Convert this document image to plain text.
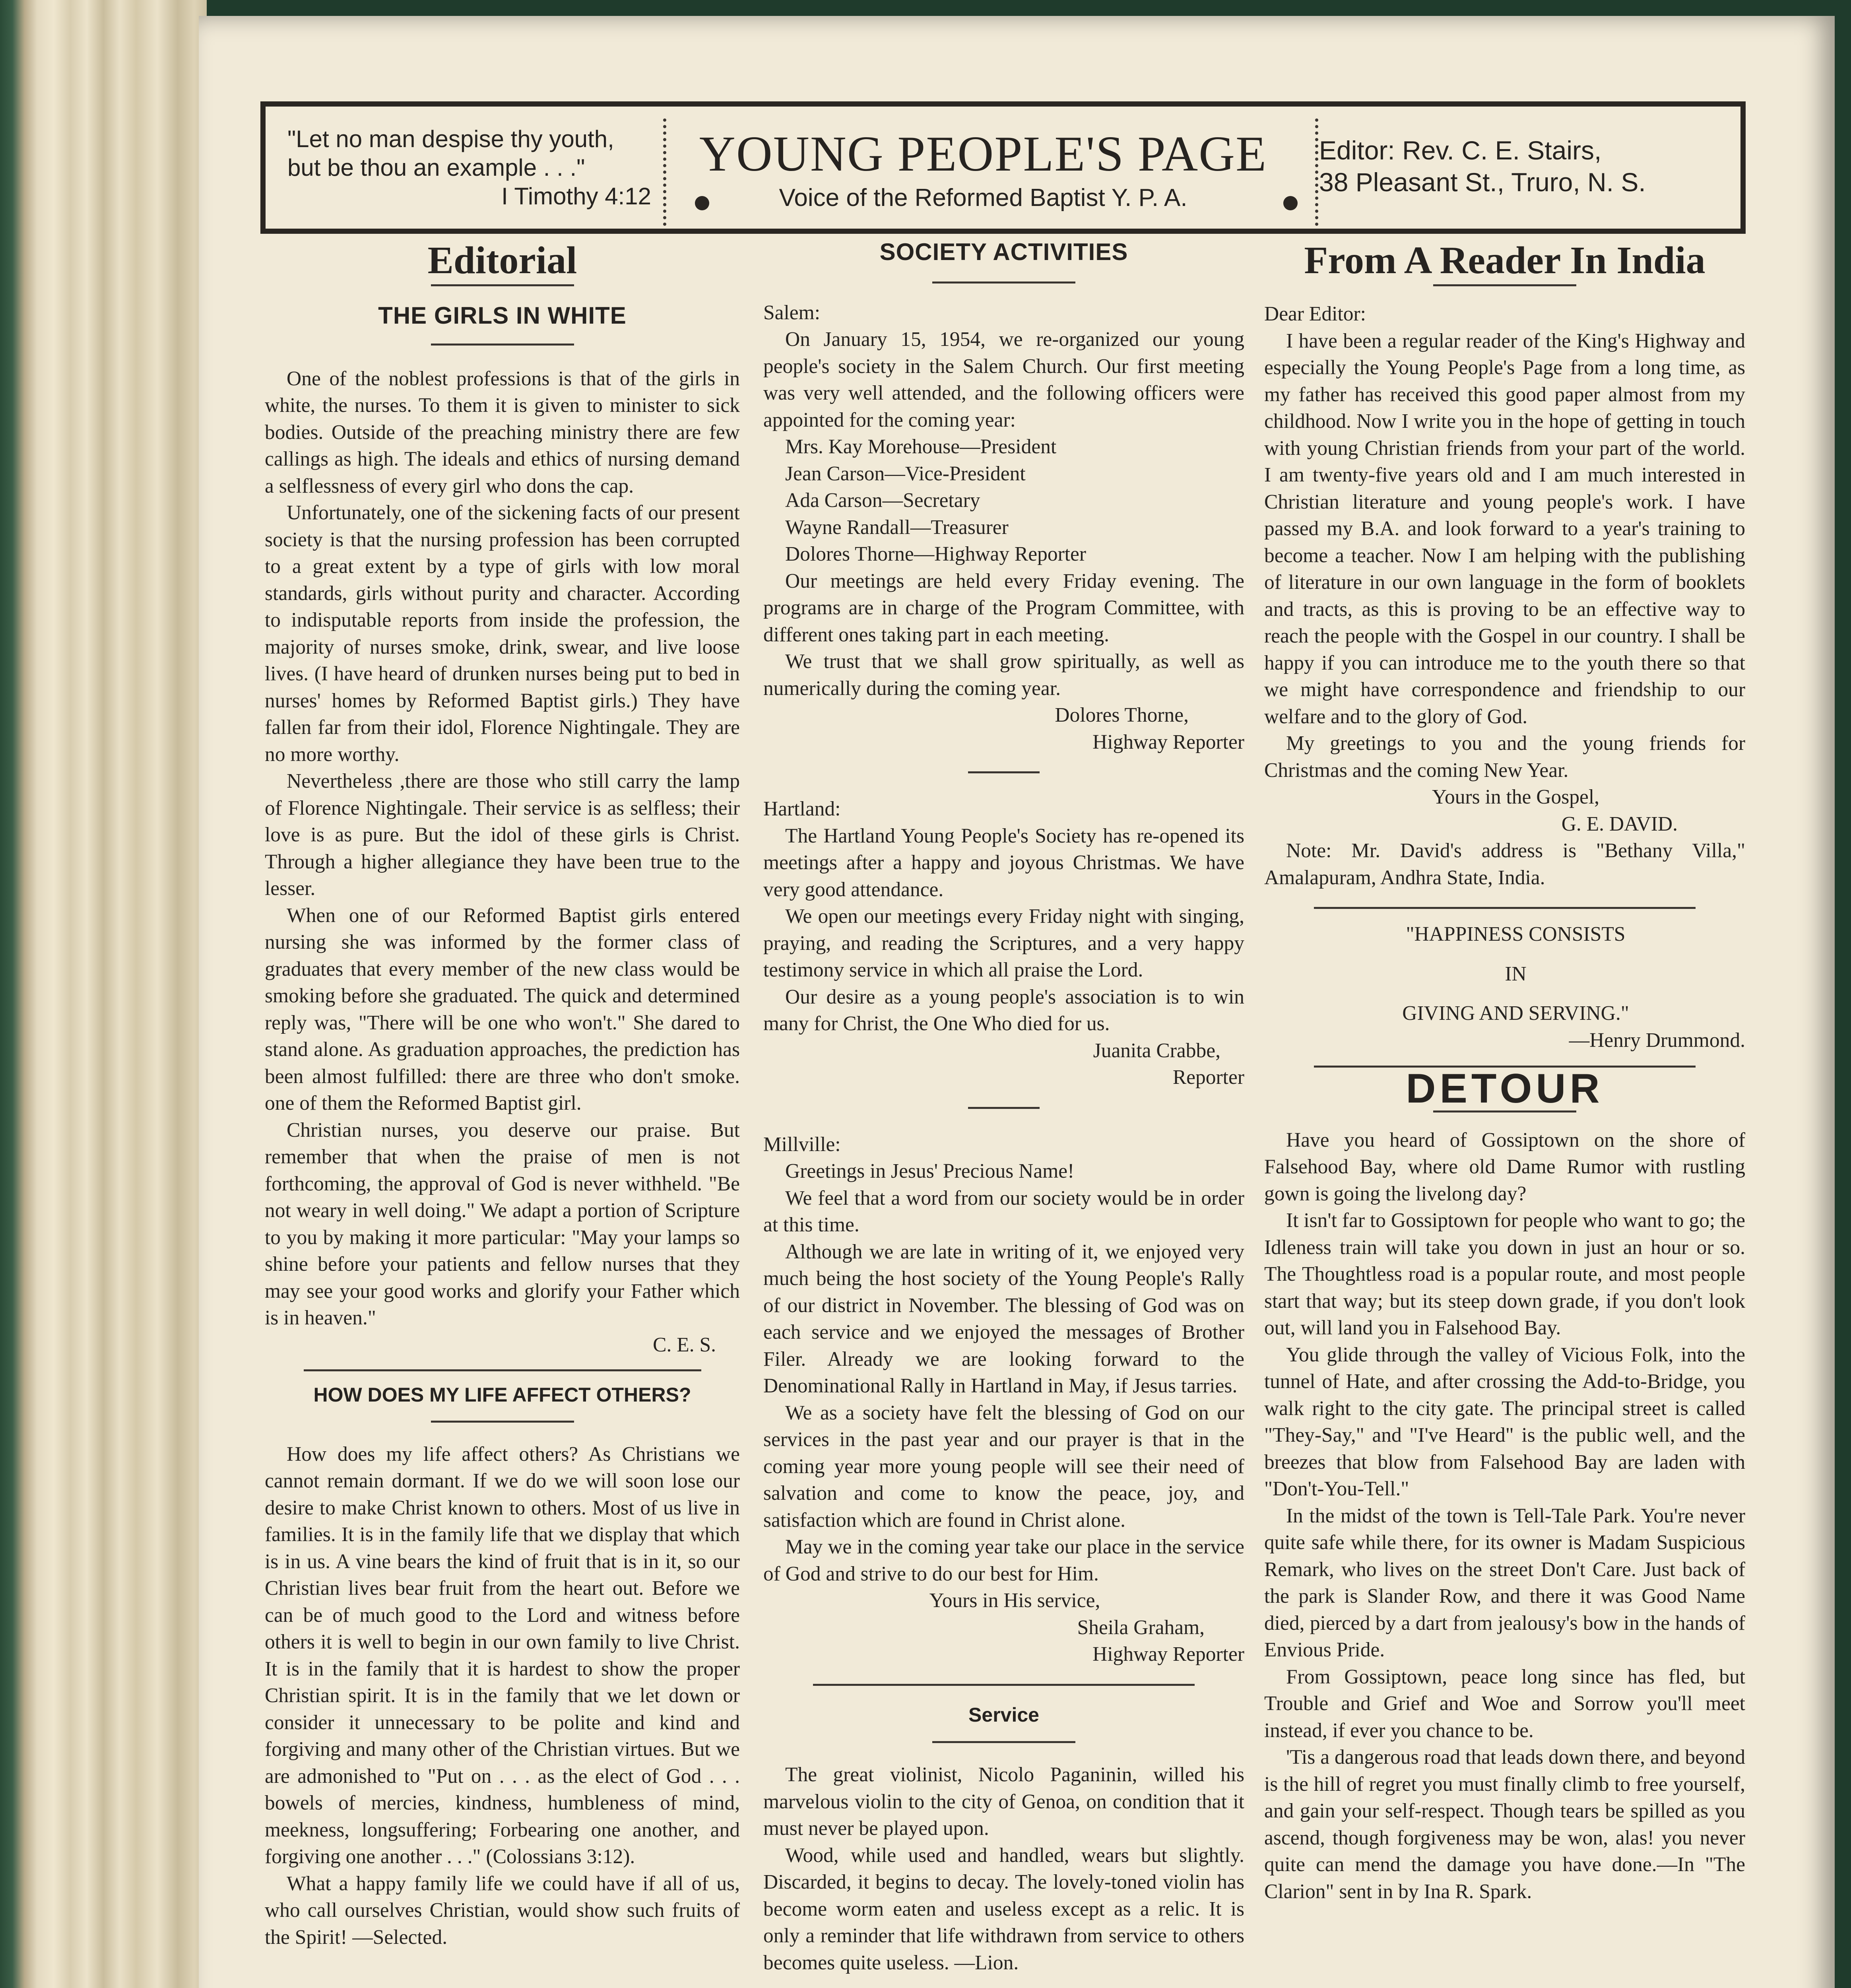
"Let no man despise thy youth,
but be thou an example . . ."
I Timothy 4:12
YOUNG PEOPLE'S PAGE
Voice of the Reformed Baptist Y. P. A.
Editor: Rev. C. E. Stairs,
38 Pleasant St., Truro, N. S.
Editorial
THE GIRLS IN WHITE

One of the noblest professions is that of the girls in white, the nurses. To them it is given to minister to sick bodies. Outside of the preaching ministry there are few callings as high. The ideals and ethics of nursing demand a selflessness of every girl who dons the cap.

Unfortunately, one of the sickening facts of our present society is that the nursing profession has been corrupted to a great extent by a type of girls with low moral standards, girls without purity and character. According to indisputable reports from inside the profession, the majority of nurses smoke, drink, swear, and live loose lives. (I have heard of drunken nurses being put to bed in nurses' homes by Reformed Baptist girls.) They have fallen far from their idol, Florence Nightingale. They are no more worthy.

Nevertheless ,there are those who still carry the lamp of Florence Nightingale. Their service is as selfless; their love is as pure. But the idol of these girls is Christ. Through a higher allegiance they have been true to the lesser.

When one of our Reformed Baptist girls entered nursing she was informed by the former class of graduates that every member of the new class would be smoking before she graduated. The quick and determined reply was, "There will be one who won't." She dared to stand alone. As graduation approaches, the prediction has been almost fulfilled: there are three who don't smoke. one of them the Reformed Baptist girl.

Christian nurses, you deserve our praise. But remember that when the praise of men is not forthcoming, the approval of God is never withheld. "Be not weary in well doing." We adapt a portion of Scripture to you by making it more particular: "May your lamps so shine before your patients and fellow nurses that they may see your good works and glorify your Father which is in heaven."

C. E. S.

HOW DOES MY LIFE AFFECT OTHERS?

How does my life affect others? As Christians we cannot remain dormant. If we do we will soon lose our desire to make Christ known to others. Most of us live in families. It is in the family life that we display that which is in us. A vine bears the kind of fruit that is in it, so our Christian lives bear fruit from the heart out. Before we can be of much good to the Lord and witness before others it is well to begin in our own family to live Christ. It is in the family that it is hardest to show the proper Christian spirit. It is in the family that we let down or consider it unnecessary to be polite and kind and forgiving and many other of the Christian virtues. But we are admonished to "Put on . . . as the elect of God . . . bowels of mercies, kindness, humbleness of mind, meekness, longsuffering; Forbearing one another, and forgiving one another . . ." (Colossians 3:12).

What a happy family life we could have if all of us, who call ourselves Christian, would show such fruits of the Spirit! —Selected.

SOCIETY ACTIVITIES

Salem:

On January 15, 1954, we re-organized our young people's society in the Salem Church. Our first meeting was very well attended, and the following officers were appointed for the coming year:

Mrs. Kay Morehouse—President
Jean Carson—Vice-President
Ada Carson—Secretary
Wayne Randall—Treasurer
Dolores Thorne—Highway Reporter

Our meetings are held every Friday evening. The programs are in charge of the Program Committee, with different ones taking part in each meeting.

We trust that we shall grow spiritually, as well as numerically during the coming year.

Dolores Thorne,

Highway Reporter

Hartland:

The Hartland Young People's Society has re-opened its meetings after a happy and joyous Christmas. We have very good attendance.

We open our meetings every Friday night with singing, praying, and reading the Scriptures, and a very happy testimony service in which all praise the Lord.

Our desire as a young people's association is to win many for Christ, the One Who died for us.

Juanita Crabbe,

Reporter

Millville:

Greetings in Jesus' Precious Name!

We feel that a word from our society would be in order at this time.

Although we are late in writing of it, we enjoyed very much being the host society of the Young People's Rally of our district in November. The blessing of God was on each service and we enjoyed the messages of Brother Filer. Already we are looking forward to the Denominational Rally in Hartland in May, if Jesus tarries.

We as a society have felt the blessing of God on our services in the past year and our prayer is that in the coming year more young people will see their need of salvation and come to know the peace, joy, and satisfaction which are found in Christ alone.

May we in the coming year take our place in the service of God and strive to do our best for Him.

Yours in His service,

Sheila Graham,

Highway Reporter

Service

The great violinist, Nicolo Paganinin, willed his marvelous violin to the city of Genoa, on condition that it must never be played upon.

Wood, while used and handled, wears but slightly. Discarded, it begins to decay. The lovely-toned violin has become worm eaten and useless except as a relic. It is only a reminder that life withdrawn from service to others becomes quite useless. —Lion.

From A Reader In India

Dear Editor:

I have been a regular reader of the King's Highway and especially the Young People's Page from a long time, as my father has received this good paper almost from my childhood. Now I write you in the hope of getting in touch with young Christian friends from your part of the world. I am twenty-five years old and I am much interested in Christian literature and young people's work. I have passed my B.A. and look forward to a year's training to become a teacher. Now I am helping with the publishing of literature in our own language in the form of booklets and tracts, as this is proving to be an effective way to reach the people with the Gospel in our country. I shall be happy if you can introduce me to the youth there so that we might have correspondence and friendship to our welfare and to the glory of God.

My greetings to you and the young friends for Christmas and the coming New Year.

Yours in the Gospel,

G. E. DAVID.

Note: Mr. David's address is "Bethany Villa," Amalapuram, Andhra State, India.

"HAPPINESS CONSISTS

IN

GIVING AND SERVING."

—Henry Drummond.

DETOUR

Have you heard of Gossiptown on the shore of Falsehood Bay, where old Dame Rumor with rustling gown is going the livelong day?

It isn't far to Gossiptown for people who want to go; the Idleness train will take you down in just an hour or so. The Thoughtless road is a popular route, and most people start that way; but its steep down grade, if you don't look out, will land you in Falsehood Bay.

You glide through the valley of Vicious Folk, into the tunnel of Hate, and after crossing the Add-to-Bridge, you walk right to the city gate. The principal street is called "They-Say," and "I've Heard" is the public well, and the breezes that blow from Falsehood Bay are laden with "Don't-You-Tell."

In the midst of the town is Tell-Tale Park. You're never quite safe while there, for its owner is Madam Suspicious Remark, who lives on the street Don't Care. Just back of the park is Slander Row, and there it was Good Name died, pierced by a dart from jealousy's bow in the hands of Envious Pride.

From Gossiptown, peace long since has fled, but Trouble and Grief and Woe and Sorrow you'll meet instead, if ever you chance to be.

'Tis a dangerous road that leads down there, and beyond is the hill of regret you must finally climb to free yourself, and gain your self-respect. Though tears be spilled as you ascend, though forgiveness may be won, alas! you never quite can mend the damage you have done.—In "The Clarion" sent in by Ina R. Spark.
